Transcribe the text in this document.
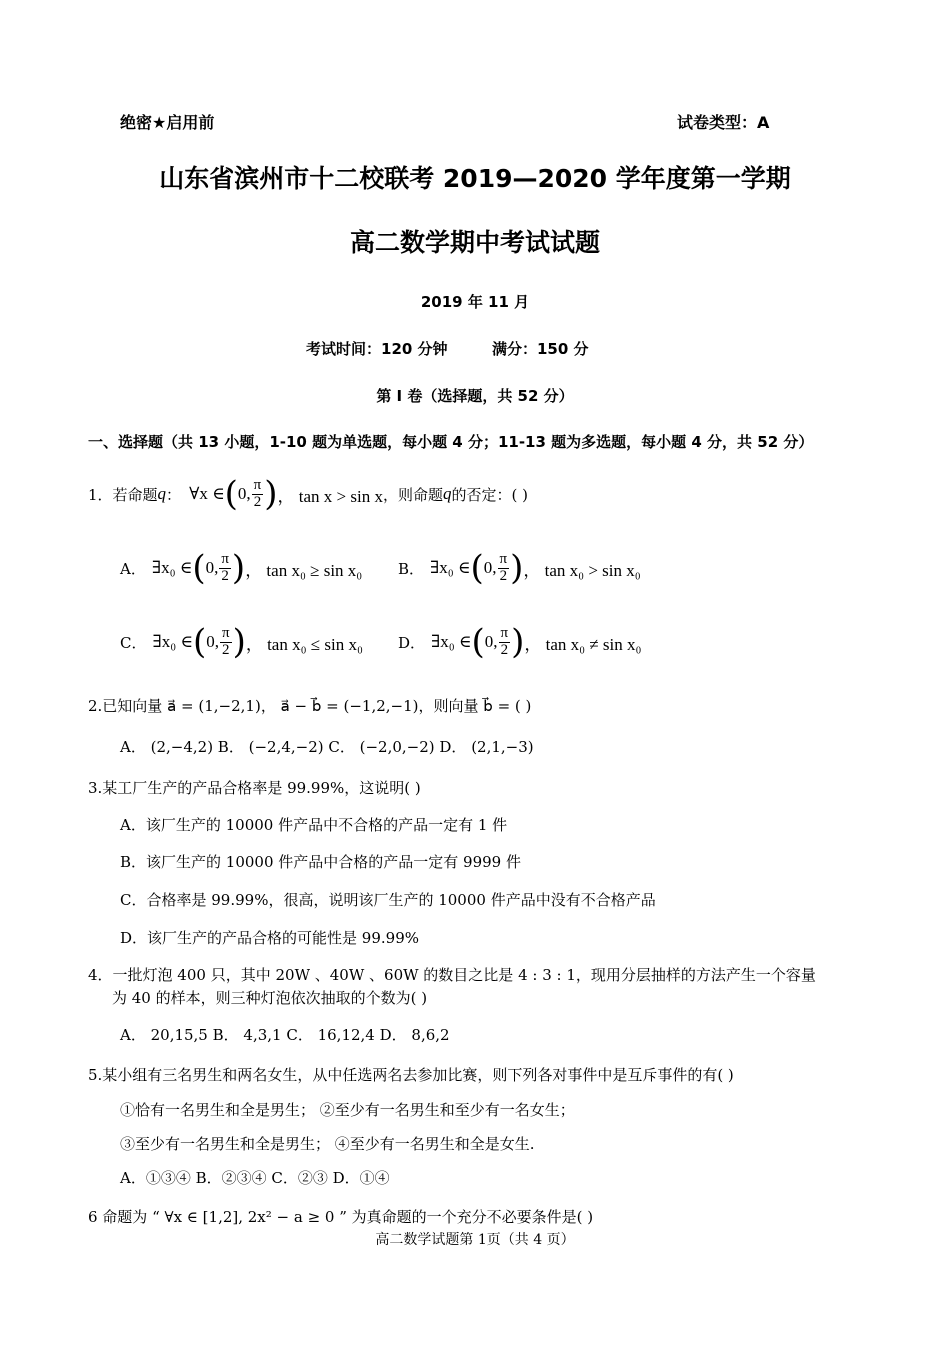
绝密★启用前	试卷类型：A
山东省滨州市十二校联考 2019—2020 学年度第一学期
高二数学期中考试试题
2019 年 11 月
考试时间：120 分钟	满分：150 分
第 I 卷（选择题，共 52 分）
一、选择题（共 13 小题，1-10 题为单选题，每小题 4 分；11-13 题为多选题，每小题 4 分，共 52 分）
1．若命题 q ： ∀x ∈ ( 0, $\frac{\pi}{2}$ ) ， tan x > sin x ，则命题 q 的否定：( )
A． ∃x₀ ∈ ( 0, $\frac{\pi}{2}$ ) ， tan x₀ ≥ sin x₀ B． ∃x₀ ∈ ( 0, $\frac{\pi}{2}$ ) ， tan x₀ > sin x₀
C． ∃x₀ ∈ ( 0, $\frac{\pi}{2}$ ) ， tan x₀ ≤ sin x₀ D． ∃x₀ ∈ ( 0, $\frac{\pi}{2}$ ) ， tan x₀ ≠ sin x₀
2.已知向量 a⃗ = (1,−2,1)， a⃗ − b⃗ = (−1,2,−1)，则向量 b⃗ = ( )
A． (2,−4,2) B． (−2,4,−2) C． (−2,0,−2) D． (2,1,−3)
3.某工厂生产的产品合格率是 99.99%，这说明( )
A．该厂生产的 10000 件产品中不合格的产品一定有 1 件
B．该厂生产的 10000 件产品中合格的产品一定有 9999 件
C．合格率是 99.99%，很高，说明该厂生产的 10000 件产品中没有不合格产品
D．该厂生产的产品合格的可能性是 99.99%
4．一批灯泡 400 只，其中 20W 、40W 、60W 的数目之比是 4 : 3 : 1，现用分层抽样的方法产生一个容量
为 40 的样本，则三种灯泡依次抽取的个数为( )
A． 20,15,5 B． 4,3,1 C． 16,12,4 D． 8,6,2
5.某小组有三名男生和两名女生，从中任选两名去参加比赛，则下列各对事件中是互斥事件的有( )
①恰有一名男生和全是男生； ②至少有一名男生和至少有一名女生；
③至少有一名男生和全是男生； ④至少有一名男生和全是女生.
A．①③④ B．②③④ C．②③ D．①④
6 命题为 “ ∀x ∈ [1,2], 2x² − a ≥ 0 ” 为真命题的一个充分不必要条件是( )
高二数学试题第 1页（共 4 页）
